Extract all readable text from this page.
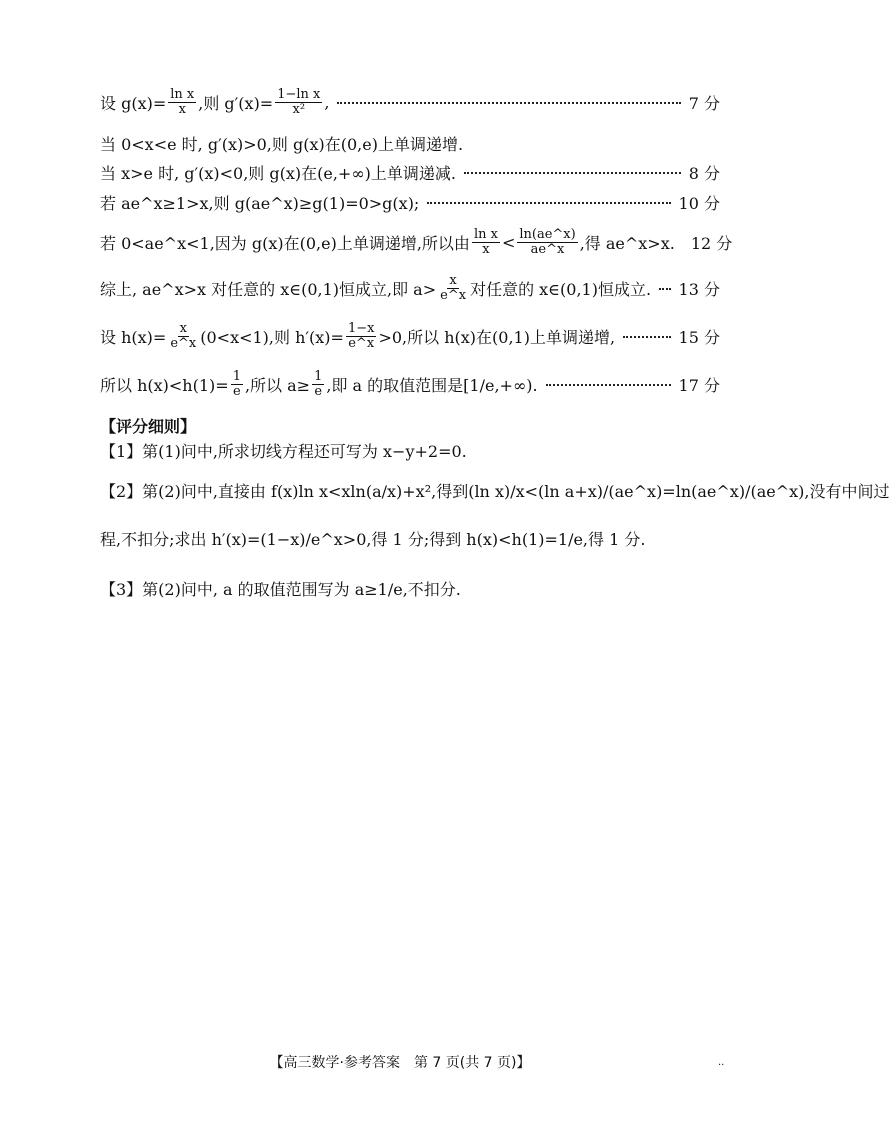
设 $g(x)= \frac{\text{ln x}}{x}$ ,则 $g'(x)= \frac{\text{1−ln x}}{\text{x²}}$ ,	7 分
当 0<x<e 时, g′(x)>0,则 g(x)在(0,e)上单调递增.
当 x>e 时, g′(x)<0,则 g(x)在(e,+∞)上单调递减.	8 分
若 ae^x≥1>x,则 g(ae^x)≥g(1)=0>g(x);	10 分
若 0<ae^x<1,因为 g(x)在(0,e)上单调递增,所以由 $\frac{\text{ln x}}{x} < \frac{\ln(ae\^{}x)}{ae\^{}x}$ ,得 ae^x>x. 12 分
综上, ae^x>x 对任意的 x∈(0,1)恒成立,即 $a> \frac{x}{e\^{}x}$ 对任意的 x∈(0,1)恒成立. 13 分
设 $h(x)= \frac{x}{e\^{}x} (0<x<1)$,则 $h'(x)= \frac{1-x}{e\^{}x} >0$,所以 h(x)在(0,1)上单调递增,	15 分
所以 $h(x)<h(1)= \frac{1}{e}$ ,所以 $a\ge \frac{1}{e}$ ,即 a 的取值范围是[1/e,+∞).	17 分
【评分细则】
【1】第(1)问中,所求切线方程还可写为 x−y+2=0.
【2】第(2)问中,直接由 f(x)ln x<xln(a/x)+x²,得到(ln x)/x<(ln a+x)/(ae^x)=ln(ae^x)/(ae^x),没有中间过
程,不扣分;求出 h′(x)=(1−x)/e^x>0,得 1 分;得到 h(x)<h(1)=1/e,得 1 分.
【3】第(2)问中, a 的取值范围写为 a≥1/e,不扣分.
【高三数学·参考答案　第 7 页(共 7 页)】	··
